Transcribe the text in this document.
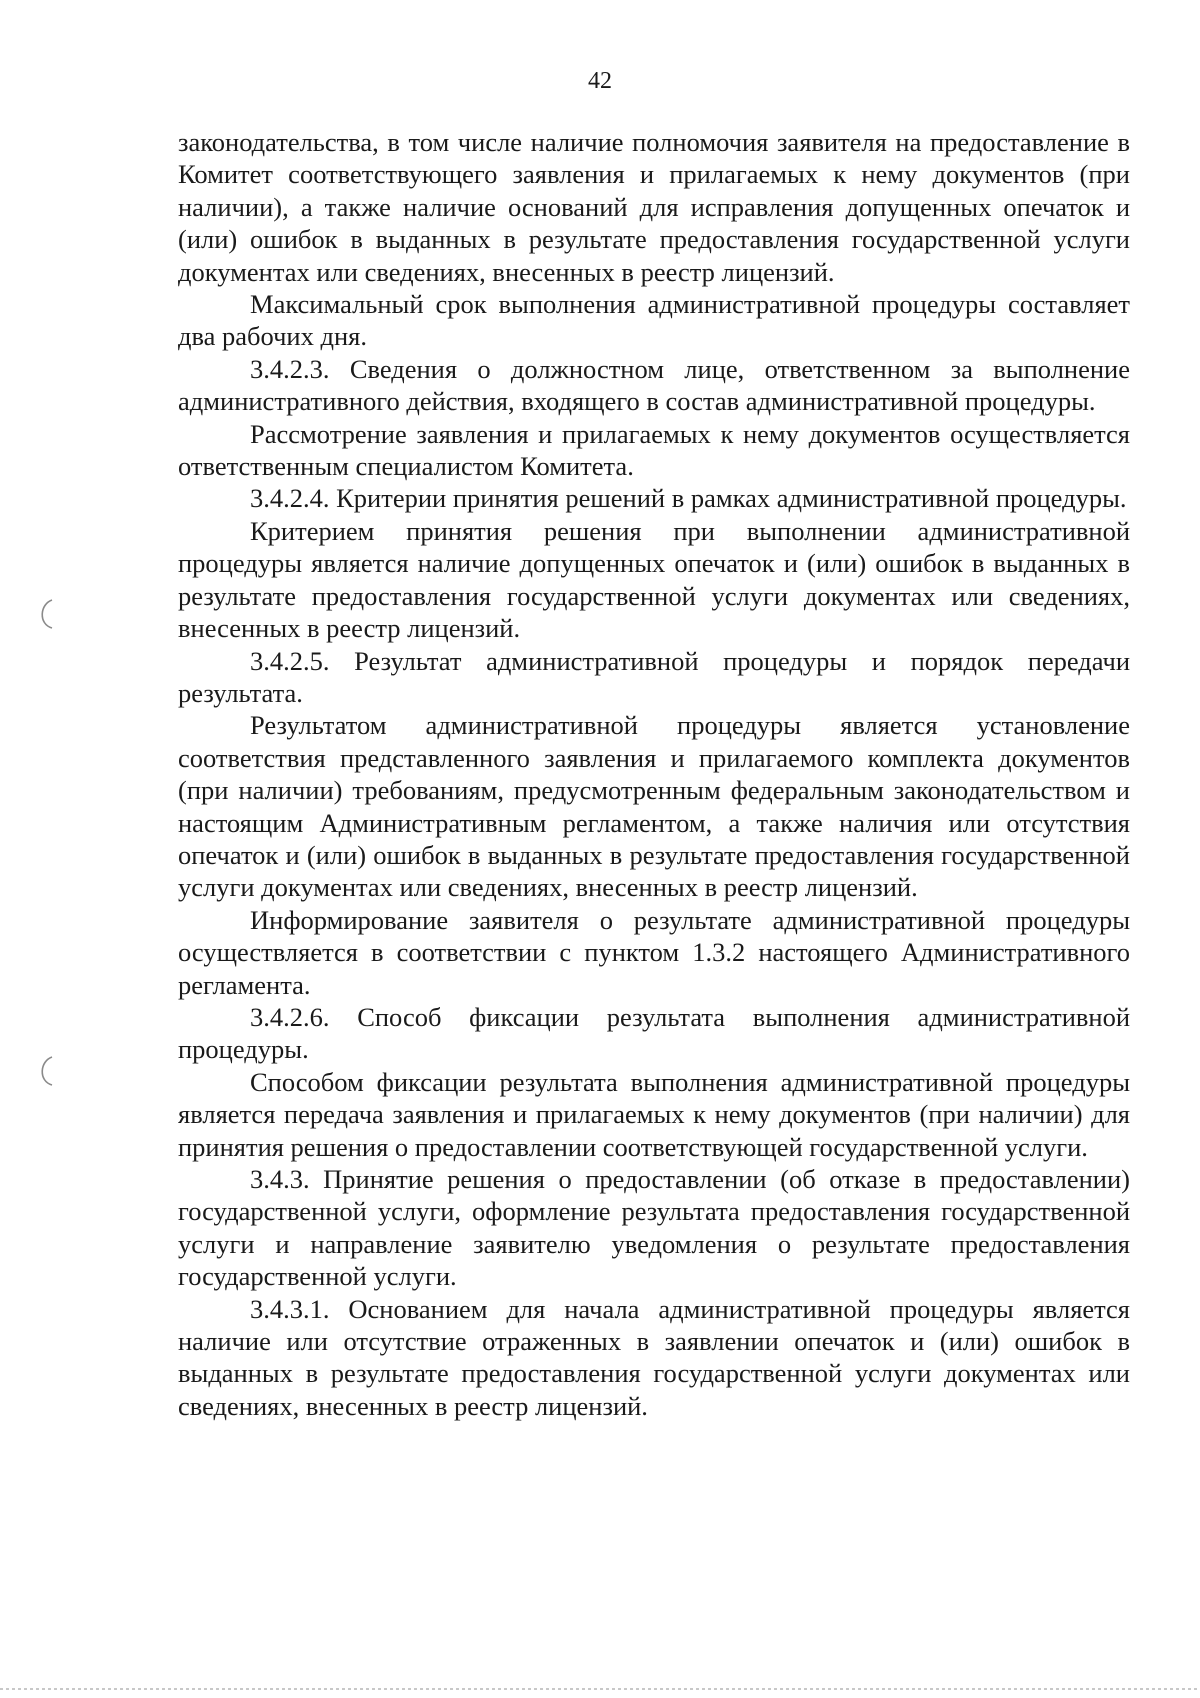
42

законодательства, в том числе наличие полномочия заявителя на предоставление в Комитет соответствующего заявления и прилагаемых к нему документов (при наличии), а также наличие оснований для исправления допущенных опечаток и (или) ошибок в выданных в результате предоставления государственной услуги документах или сведениях, внесенных в реестр лицензий.

Максимальный срок выполнения административной процедуры составляет два рабочих дня.

3.4.2.3. Сведения о должностном лице, ответственном за выполнение административного действия, входящего в состав административной процедуры.

Рассмотрение заявления и прилагаемых к нему документов осуществляется ответственным специалистом Комитета.

3.4.2.4. Критерии принятия решений в рамках административной процедуры.

Критерием принятия решения при выполнении административной процедуры является наличие допущенных опечаток и (или) ошибок в выданных в результате предоставления государственной услуги документах или сведениях, внесенных в реестр лицензий.

3.4.2.5. Результат административной процедуры и порядок передачи результата.

Результатом административной процедуры является установление соответствия представленного заявления и прилагаемого комплекта документов (при наличии) требованиям, предусмотренным федеральным законодательством и настоящим Административным регламентом, а также наличия или отсутствия опечаток и (или) ошибок в выданных в результате предоставления государственной услуги документах или сведениях, внесенных в реестр лицензий.

Информирование заявителя о результате административной процедуры осуществляется в соответствии с пунктом 1.3.2 настоящего Административного регламента.

3.4.2.6. Способ фиксации результата выполнения административной процедуры.

Способом фиксации результата выполнения административной процедуры является передача заявления и прилагаемых к нему документов (при наличии) для принятия решения о предоставлении соответствующей государственной услуги.

3.4.3. Принятие решения о предоставлении (об отказе в предоставлении) государственной услуги, оформление результата предоставления государственной услуги и направление заявителю уведомления о результате предоставления государственной услуги.

3.4.3.1. Основанием для начала административной процедуры является наличие или отсутствие отраженных в заявлении опечаток и (или) ошибок в выданных в результате предоставления государственной услуги документах или сведениях, внесенных в реестр лицензий.
